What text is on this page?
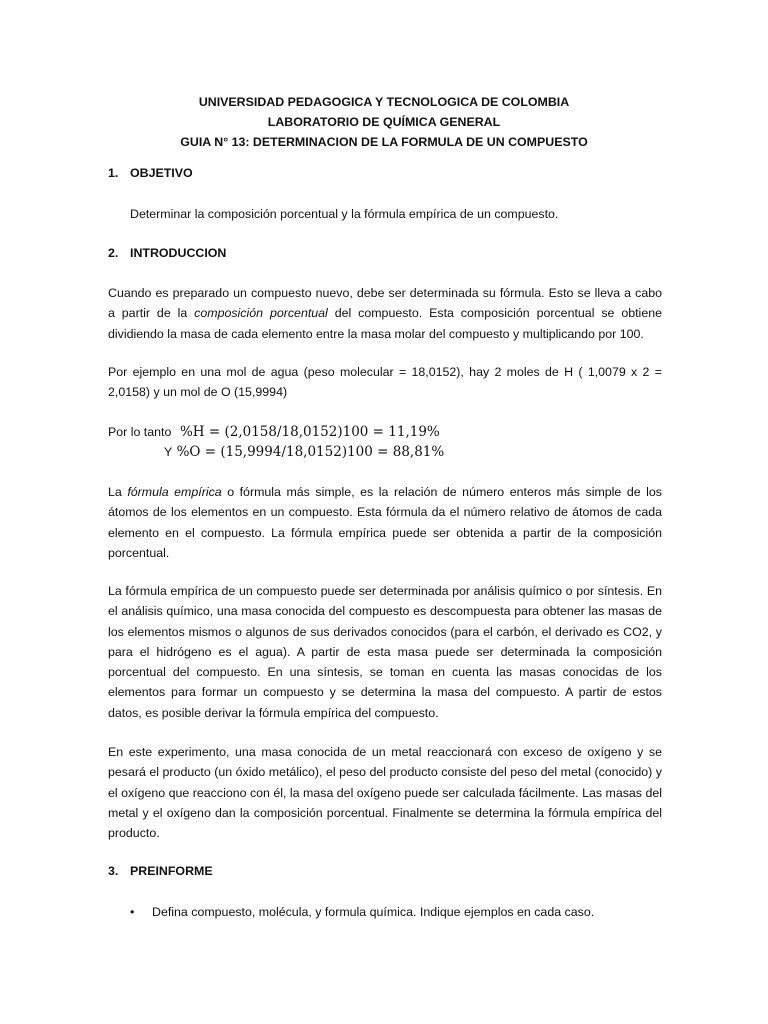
UNIVERSIDAD PEDAGOGICA Y TECNOLOGICA DE COLOMBIA
LABORATORIO DE QUÍMICA GENERAL
GUIA N° 13: DETERMINACION DE LA FORMULA DE UN COMPUESTO
1. OBJETIVO
Determinar la composición porcentual y la fórmula empírica de un compuesto.
2. INTRODUCCION
Cuando es preparado un compuesto nuevo, debe ser determinada su fórmula. Esto se lleva a cabo a partir de la composición porcentual del compuesto. Esta composición porcentual se obtiene dividiendo la masa de cada elemento entre la masa molar del compuesto y multiplicando por 100.
Por ejemplo en una mol de agua (peso molecular = 18,0152), hay 2 moles de H ( 1,0079 x 2 = 2,0158) y un mol de O (15,9994)
Por lo tanto %H = (2,0158/18,0152)100 = 11,19%
Y %O = (15,9994/18,0152)100 = 88,81%
La fórmula empírica o fórmula más simple, es la relación de número enteros más simple de los átomos de los elementos en un compuesto. Esta fórmula da el número relativo de átomos de cada elemento en el compuesto. La fórmula empírica puede ser obtenida a partir de la composición porcentual.
La fórmula empírica de un compuesto puede ser determinada por análisis químico o por síntesis. En el análisis químico, una masa conocida del compuesto es descompuesta para obtener las masas de los elementos mismos o algunos de sus derivados conocidos (para el carbón, el derivado es CO2, y para el hidrógeno es el agua). A partir de esta masa puede ser determinada la composición porcentual del compuesto. En una síntesis, se toman en cuenta las masas conocidas de los elementos para formar un compuesto y se determina la masa del compuesto. A partir de estos datos, es posible derivar la fórmula empírica del compuesto.
En este experimento, una masa conocida de un metal reaccionará con exceso de oxígeno y se pesará el producto (un óxido metálico), el peso del producto consiste del peso del metal (conocido) y el oxígeno que reacciono con él, la masa del oxígeno puede ser calculada fácilmente. Las masas del metal y el oxígeno dan la composición porcentual. Finalmente se determina la fórmula empírica del producto.
3. PREINFORME
• Defina compuesto, molécula, y formula química. Indique ejemplos en cada caso.
